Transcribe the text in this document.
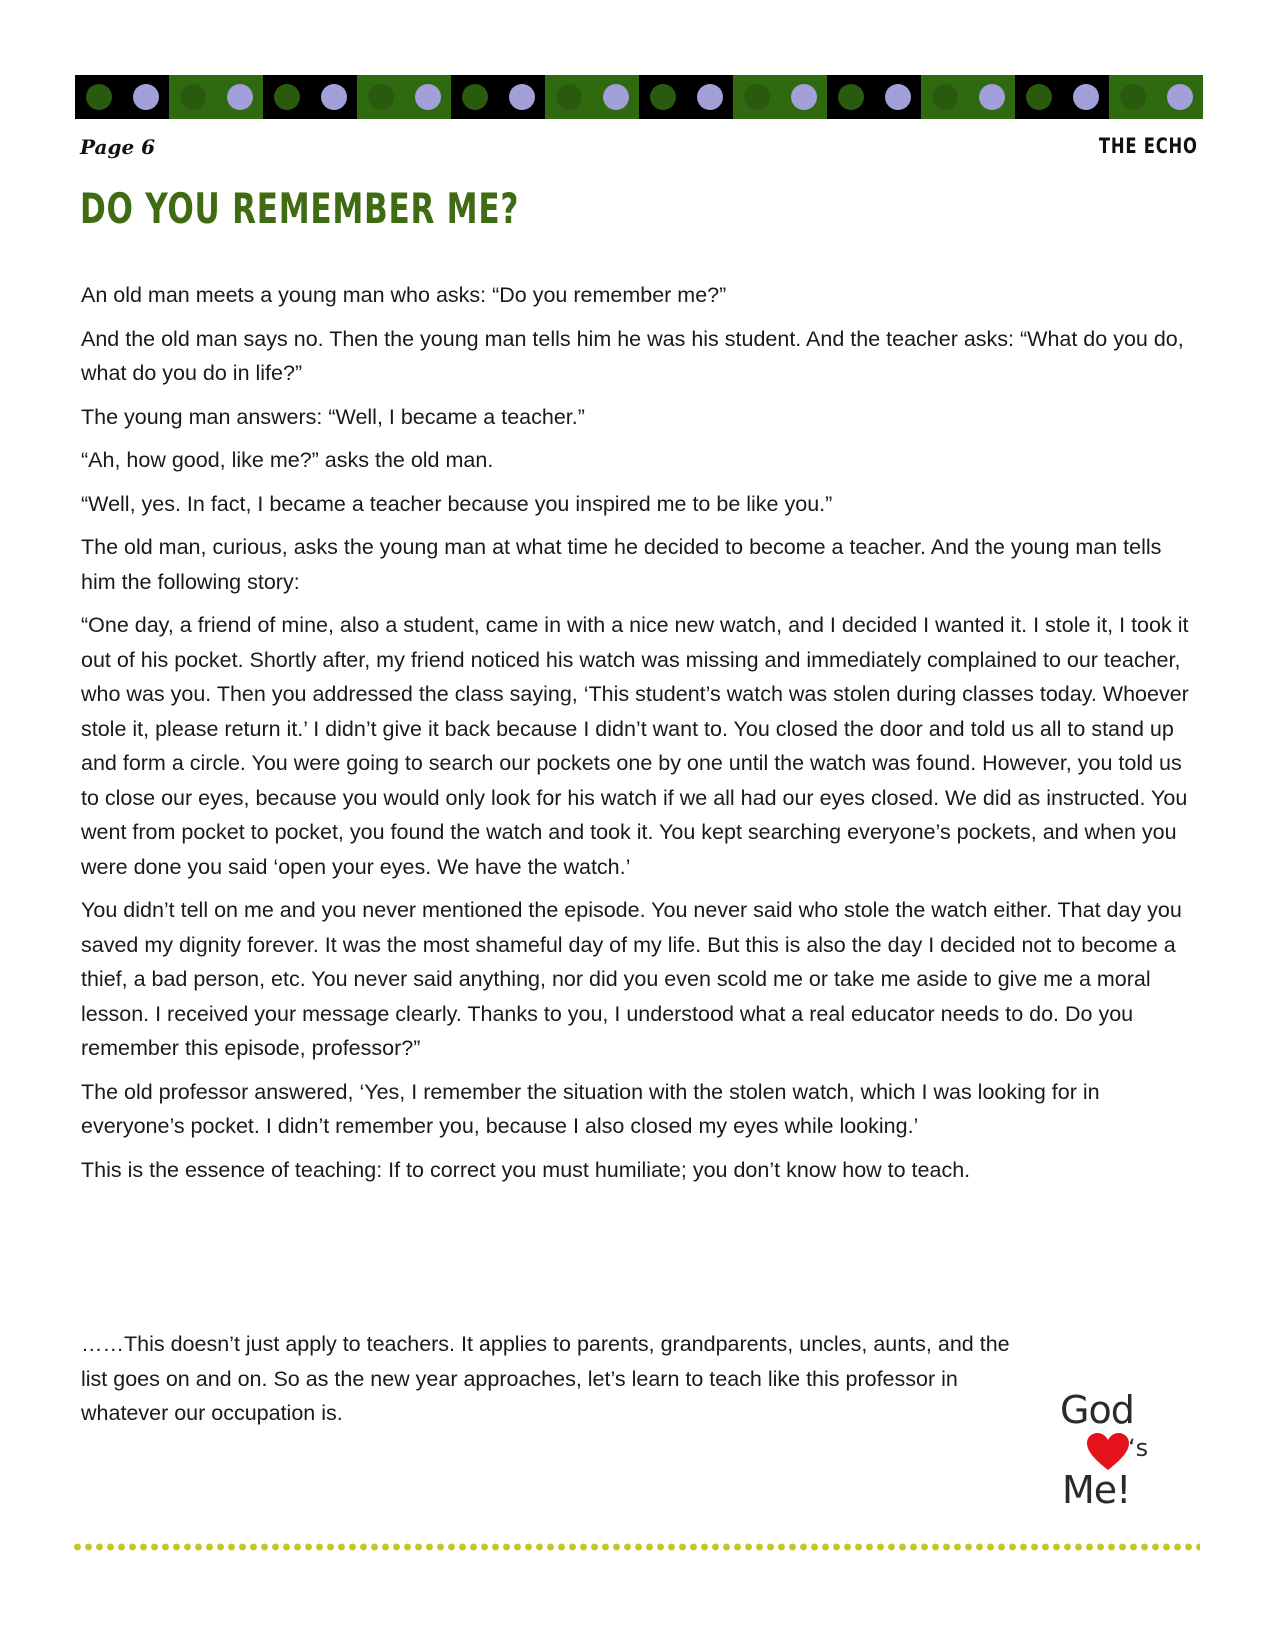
Page 6	THE ECHO
DO YOU REMEMBER ME?

An old man meets a young man who asks: “Do you remember me?”

And the old man says no. Then the young man tells him he was his student. And the teacher asks: “What do you do, what do you do in life?”

The young man answers: “Well, I became a teacher.”

“Ah, how good, like me?” asks the old man.

“Well, yes. In fact, I became a teacher because you inspired me to be like you.”

The old man, curious, asks the young man at what time he decided to become a teacher. And the young man tells him the following story:

“One day, a friend of mine, also a student, came in with a nice new watch, and I decided I wanted it. I stole it, I took it out of his pocket. Shortly after, my friend noticed his watch was missing and immediately complained to our teacher, who was you. Then you addressed the class saying, ‘This student’s watch was stolen during classes today. Whoever stole it, please return it.’ I didn’t give it back because I didn’t want to. You closed the door and told us all to stand up and form a circle. You were going to search our pockets one by one until the watch was found. However, you told us to close our eyes, because you would only look for his watch if we all had our eyes closed. We did as instructed. You went from pocket to pocket, you found the watch and took it. You kept searching everyone’s pockets, and when you were done you said ‘open your eyes. We have the watch.’

You didn’t tell on me and you never mentioned the episode. You never said who stole the watch either. That day you saved my dignity forever. It was the most shameful day of my life. But this is also the day I decided not to become a thief, a bad person, etc. You never said anything, nor did you even scold me or take me aside to give me a moral lesson. I received your message clearly. Thanks to you, I understood what a real educator needs to do. Do you remember this episode, professor?”

The old professor answered, ‘Yes, I remember the situation with the stolen watch, which I was looking for in everyone’s pocket. I didn’t remember you, because I also closed my eyes while looking.’

This is the essence of teaching: If to correct you must humiliate; you don’t know how to teach.

……This doesn’t just apply to teachers. It applies to parents, grandparents, uncles, aunts, and the list goes on and on. So as the new year approaches, let’s learn to teach like this professor in whatever our occupation is.	God
‘s
Me!
